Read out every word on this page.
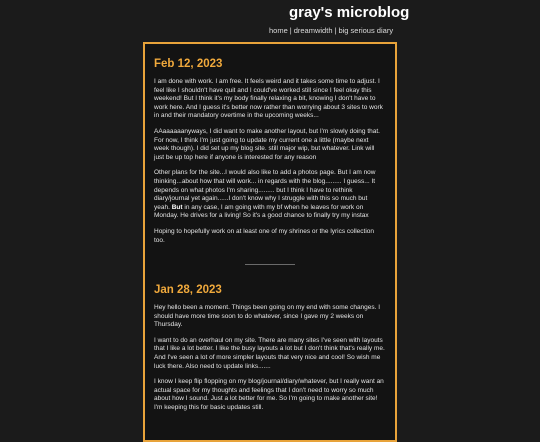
gray's microblog
home | dreamwidth | big serious diary
Feb 12, 2023

I am done with work. I am free. It feels weird and it takes some time to adjust. I feel like I shouldn't have quit and I could've worked still since I feel okay this weekend! But I think it's my body finally relaxing a bit, knowing I don't have to work here. And I guess it's better now rather than worrying about 3 sites to work in and their mandatory overtime in the upcoming weeks...

AAaaaaaanyways, I did want to make another layout, but I'm slowly doing that. For now, I think I'm just going to update my current one a little (maybe next week though). I did set up my blog site. still major wip, but whatever. Link will just be up top here if anyone is interested for any reason

Other plans for the site...I would also like to add a photos page. But I am now thinking...about how that will work... in regards with the blog......... I guess... It depends on what photos I'm sharing......... but I think I have to rethink diary/journal yet again......I don't know why I struggle with this so much but yeah. But in any case, I am going with my bf when he leaves for work on Monday. He drives for a living! So it's a good chance to finally try my instax

Hoping to hopefully work on at least one of my shrines or the lyrics collection too.

Jan 28, 2023

Hey hello been a moment. Things been going on my end with some changes. I should have more time soon to do whatever, since I gave my 2 weeks on Thursday.

I want to do an overhaul on my site. There are many sites I've seen with layouts that I like a lot better. I like the busy layouts a lot but I don't think that's really me. And I've seen a lot of more simpler layouts that very nice and cool! So wish me luck there. Also need to update links.......

I know I keep flip flopping on my blog/journal/diary/whatever, but I really want an actual space for my thoughts and feelings that I don't need to worry so much about how I sound. Just a lot better for me. So I'm going to make another site! I'm keeping this for basic updates still.
